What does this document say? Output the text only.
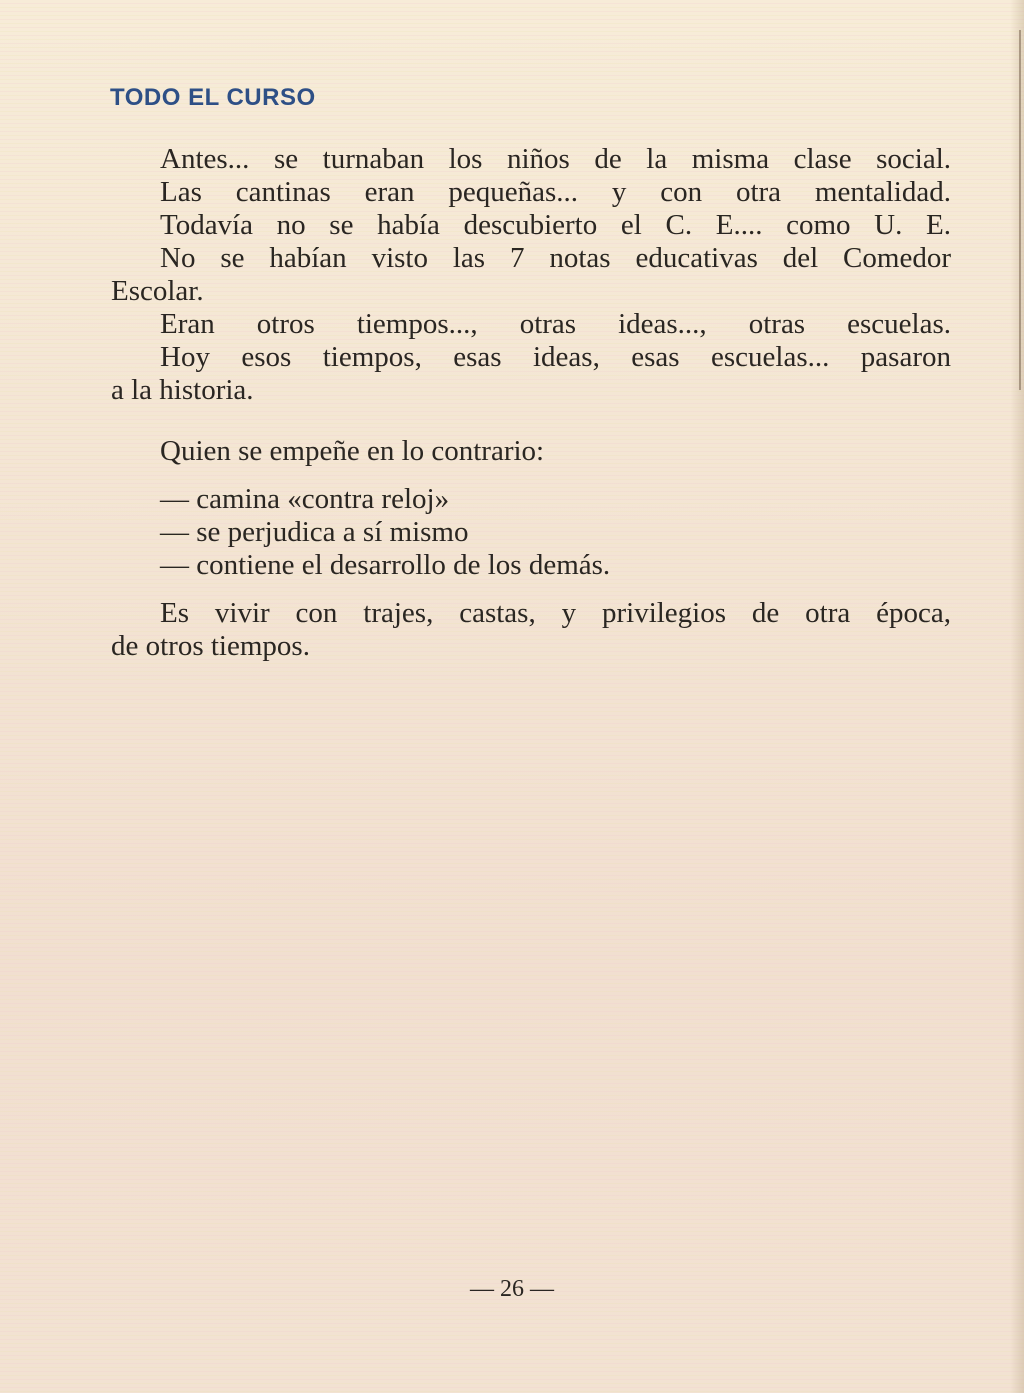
TODO EL CURSO

Antes... se turnaban los niños de la misma clase social.

Las cantinas eran pequeñas... y con otra mentalidad.

Todavía no se había descubierto el C. E.... como U. E.

No se habían visto las 7 notas educativas del Comedor

Escolar.

Eran otros tiempos..., otras ideas..., otras escuelas.

Hoy esos tiempos, esas ideas, esas escuelas... pasaron

a la historia.

Quien se empeñe en lo contrario:

— camina «contra reloj»

— se perjudica a sí mismo

— contiene el desarrollo de los demás.

Es vivir con trajes, castas, y privilegios de otra época,

de otros tiempos.

— 26 —
